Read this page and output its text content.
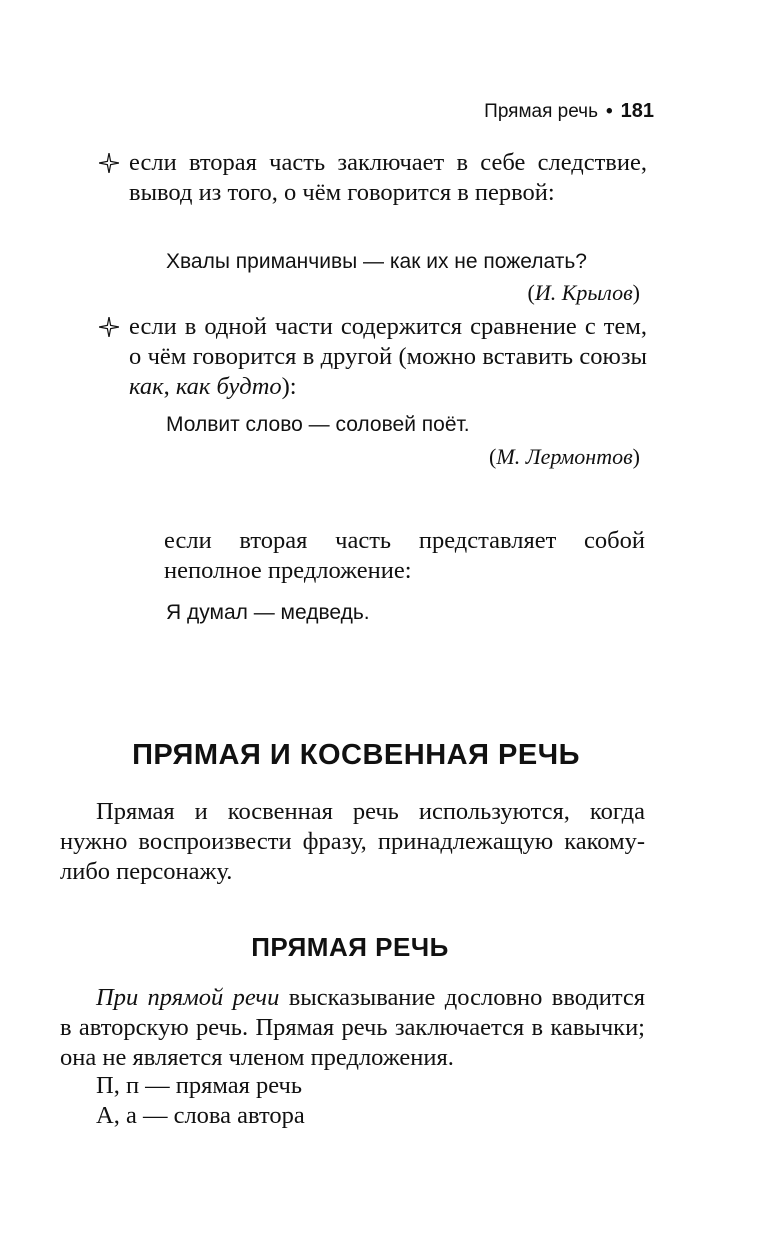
Прямая речь • 181
если вторая часть заключает в себе следствие, вывод из того, о чём говорится в первой:
Хвалы приманчивы — как их не пожелать?
(И. Крылов)
если в одной части содержится сравнение с тем, о чём говорится в другой (можно вставить союзы как, как будто):
Молвит слово — соловей поёт.
(М. Лермонтов)
если вторая часть представляет собой неполное предложение:
Я думал — медведь.
ПРЯМАЯ И КОСВЕННАЯ РЕЧЬ
Прямая и косвенная речь используются, когда нужно воспроизвести фразу, принадлежащую какому-либо персонажу.
ПРЯМАЯ РЕЧЬ
При прямой речи высказывание дословно вводится в авторскую речь. Прямая речь заключается в кавычки; она не является членом предложения.
П, п — прямая речь
А, а — слова автора
